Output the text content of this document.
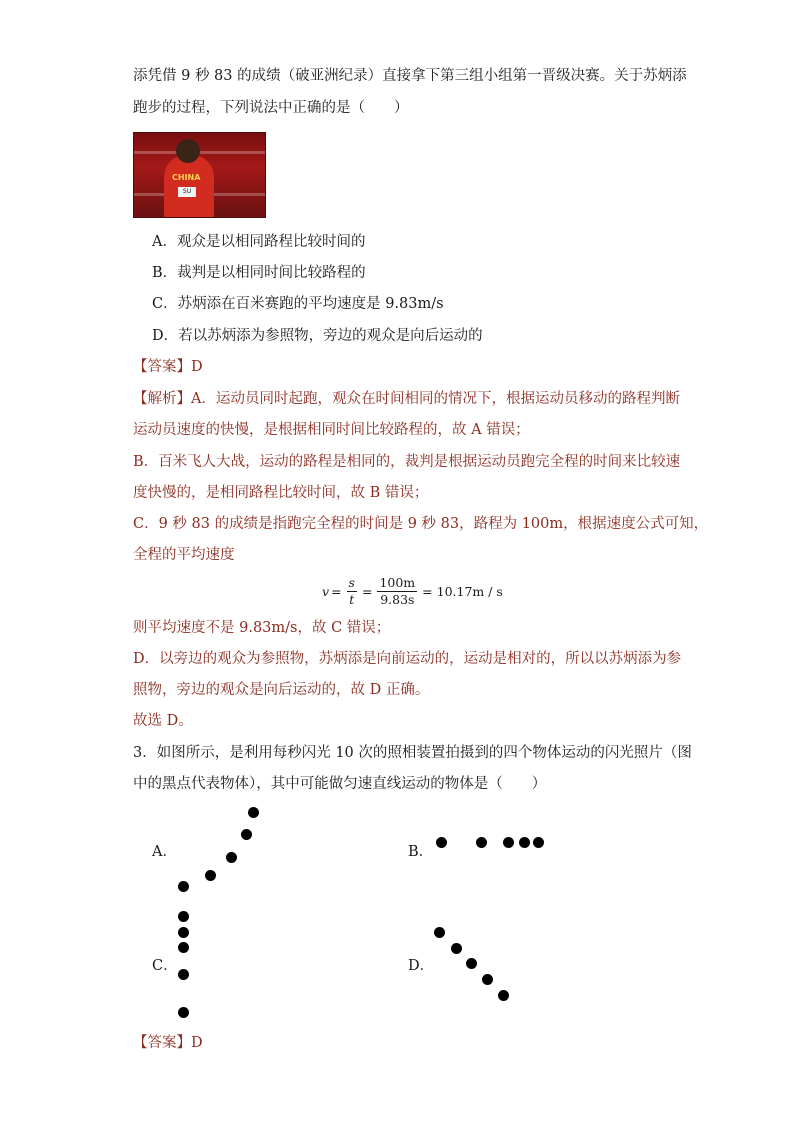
添凭借 9 秒 83 的成绩（破亚洲纪录）直接拿下第三组小组第一晋级决赛。关于苏炳添
跑步的过程，下列说法中正确的是（　　）
CHINA
SU
A．观众是以相同路程比较时间的
B．裁判是以相同时间比较路程的
C．苏炳添在百米赛跑的平均速度是 9.83m/s
D．若以苏炳添为参照物，旁边的观众是向后运动的
【答案】D
【解析】A．运动员同时起跑，观众在时间相同的情况下，根据运动员移动的路程判断
运动员速度的快慢，是根据相同时间比较路程的，故 A 错误；
B．百米飞人大战，运动的路程是相同的，裁判是根据运动员跑完全程的时间来比较速
度快慢的，是相同路程比较时间，故 B 错误；
C．9 秒 83 的成绩是指跑完全程的时间是 9 秒 83，路程为 100m，根据速度公式可知，
全程的平均速度
$v = \frac{s}{t} = \frac{100m}{9.83s} = 10.17m / s$
则平均速度不是 9.83m/s，故 C 错误；
D．以旁边的观众为参照物，苏炳添是向前运动的，运动是相对的，所以以苏炳添为参
照物，旁边的观众是向后运动的，故 D 正确。
故选 D。
3．如图所示，是利用每秒闪光 10 次的照相装置拍摄到的四个物体运动的闪光照片（图
中的黑点代表物体），其中可能做匀速直线运动的物体是（　　）
A．	B．
C．	D．
【答案】D
